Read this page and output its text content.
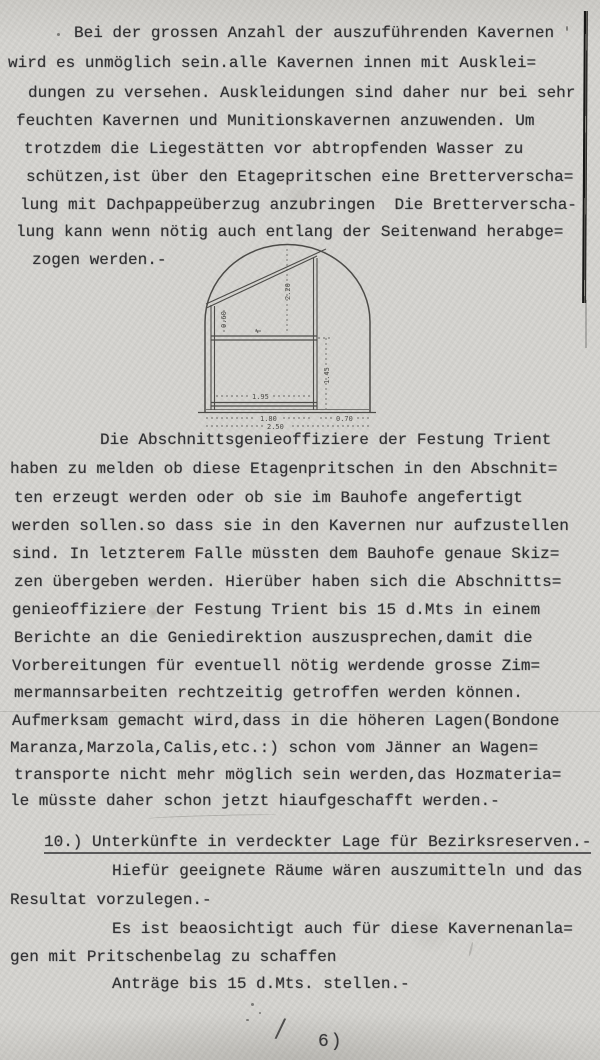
Bei der grossen Anzahl der auszuführenden Kavernen
wird es unmöglich sein.alle Kavernen innen mit Ausklei=
dungen zu versehen. Auskleidungen sind daher nur bei sehr
feuchten Kavernen und Munitionskavernen anzuwenden. Um
trotzdem die Liegestätten vor abtropfenden Wasser zu
schützen,ist über den Etagepritschen eine Bretterverscha=
lung mit Dachpappeüberzug anzubringen  Die Bretterverscha-
lung kann wenn nötig auch entlang der Seitenwand herabge=
zogen werden.-
Die Abschnittsgenieoffiziere der Festung Trient
haben zu melden ob diese Etagenpritschen in den Abschnit=
ten erzeugt werden oder ob sie im Bauhofe angefertigt
werden sollen.so dass sie in den Kavernen nur aufzustellen
sind. In letzterem Falle müssten dem Bauhofe genaue Skiz=
zen übergeben werden. Hierüber haben sich die Abschnitts=
genieoffiziere der Festung Trient bis 15 d.Mts in einem
Berichte an die Geniedirektion auszusprechen,damit die
Vorbereitungen für eventuell nötig werdende grosse Zim=
mermannsarbeiten rechtzeitig getroffen werden können.
Aufmerksam gemacht wird,dass in die höheren Lagen(Bondone
Maranza,Marzola,Calis,etc.:) schon vom Jänner an Wagen=
transporte nicht mehr möglich sein werden,das Hozmateria=
le müsste daher schon jetzt hiaufgeschafft werden.-
10.) Unterkünfte in verdeckter Lage für Bezirksreserven.-
Hiefür geeignete Räume wären auszumitteln und das
Resultat vorzulegen.-
Es ist beaosichtigt auch für diese Kavernenanla=
gen mit Pritschenbelag zu schaffen
Anträge bis 15 d.Mts. stellen.-
0.60
2.20
1.45
1.95
1.80	0.70
2.50
/ 6)
